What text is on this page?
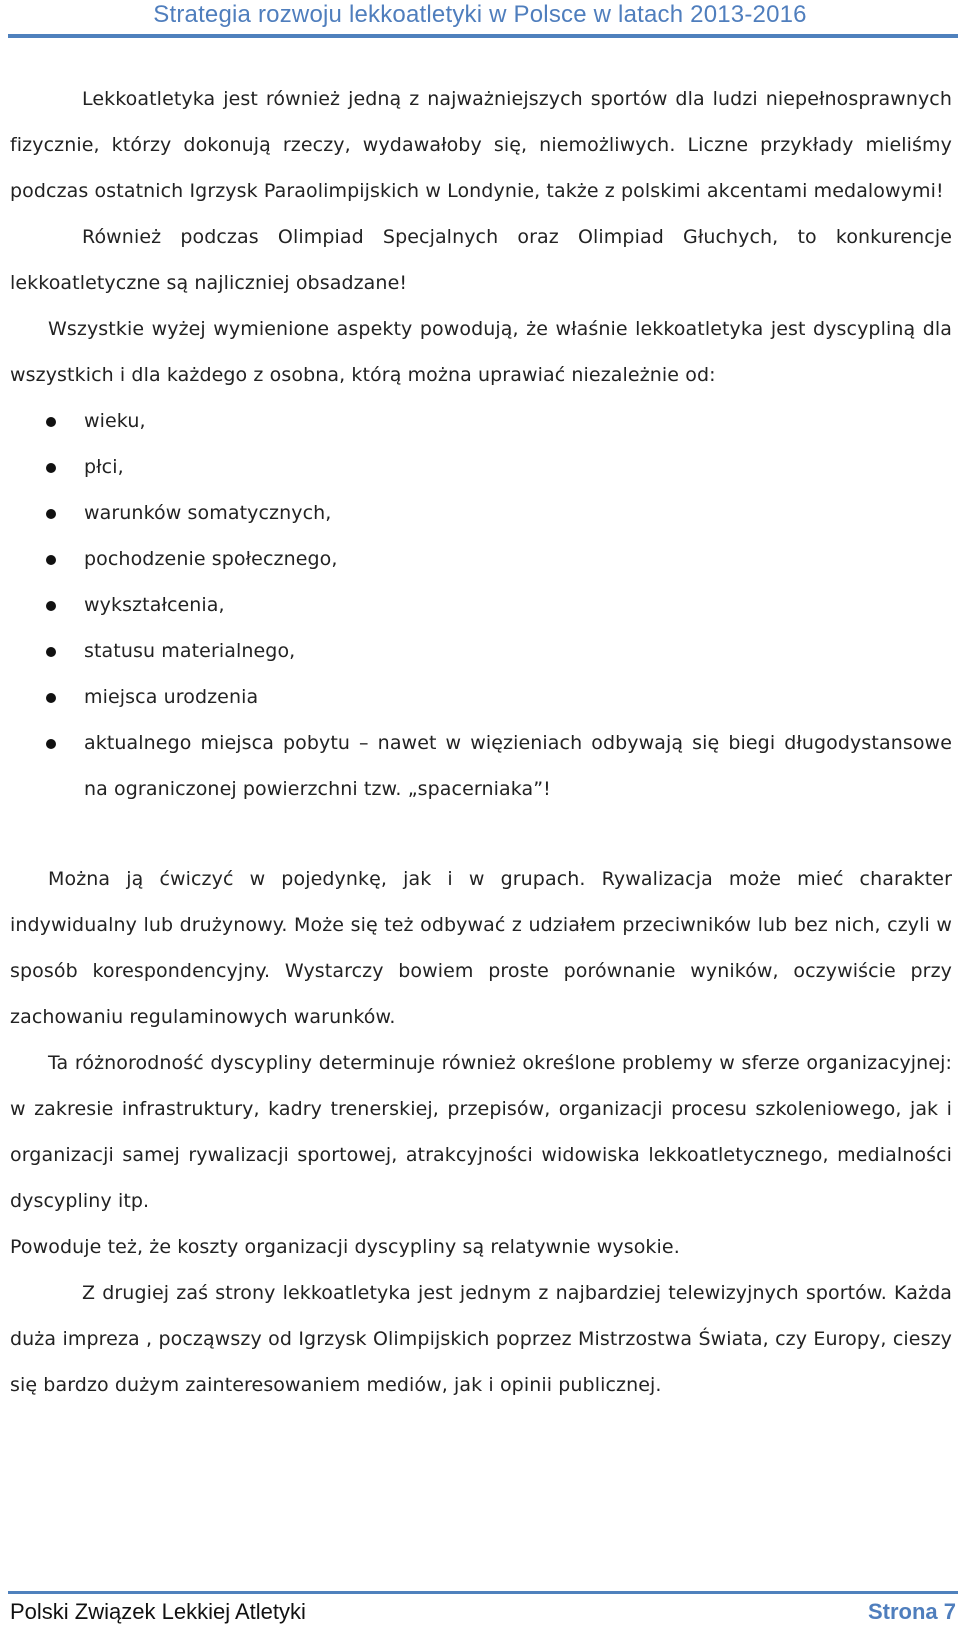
Strategia rozwoju lekkoatletyki w Polsce w latach 2013-2016

Lekkoatletyka jest również jedną z najważniejszych sportów dla ludzi niepełnosprawnych fizycznie, którzy dokonują rzeczy, wydawałoby się, niemożliwych. Liczne przykłady mieliśmy podczas ostatnich Igrzysk Paraolimpijskich w Londynie, także z polskimi akcentami medalowymi!

Również podczas Olimpiad Specjalnych oraz Olimpiad Głuchych, to konkurencje lekkoatletyczne są najliczniej obsadzane!

Wszystkie wyżej wymienione aspekty powodują, że właśnie lekkoatletyka jest dyscypliną dla wszystkich i dla każdego z osobna, którą można uprawiać niezależnie od:

wieku,
płci,
warunków somatycznych,
pochodzenie społecznego,
wykształcenia,
statusu materialnego,
miejsca urodzenia
aktualnego miejsca pobytu – nawet w więzieniach odbywają się biegi długodystansowe na ograniczonej powierzchni tzw. „spacerniaka”!

Można ją ćwiczyć w pojedynkę, jak i w grupach. Rywalizacja może mieć charakter indywidualny lub drużynowy. Może się też odbywać z udziałem przeciwników lub bez nich, czyli w sposób korespondencyjny. Wystarczy bowiem proste porównanie wyników, oczywiście przy zachowaniu regulaminowych warunków.

Ta różnorodność dyscypliny determinuje również określone problemy w sferze organizacyjnej: w zakresie infrastruktury, kadry trenerskiej, przepisów, organizacji procesu szkoleniowego, jak i organizacji samej rywalizacji sportowej, atrakcyjności widowiska lekkoatletycznego, medialności dyscypliny itp.

Powoduje też, że koszty organizacji dyscypliny są relatywnie wysokie.

Z drugiej zaś strony lekkoatletyka jest jednym z najbardziej telewizyjnych sportów. Każda duża impreza , począwszy od Igrzysk Olimpijskich poprzez Mistrzostwa Świata, czy Europy, cieszy się bardzo dużym zainteresowaniem mediów, jak i opinii publicznej.

Polski Związek Lekkiej Atletyki	Strona 7
